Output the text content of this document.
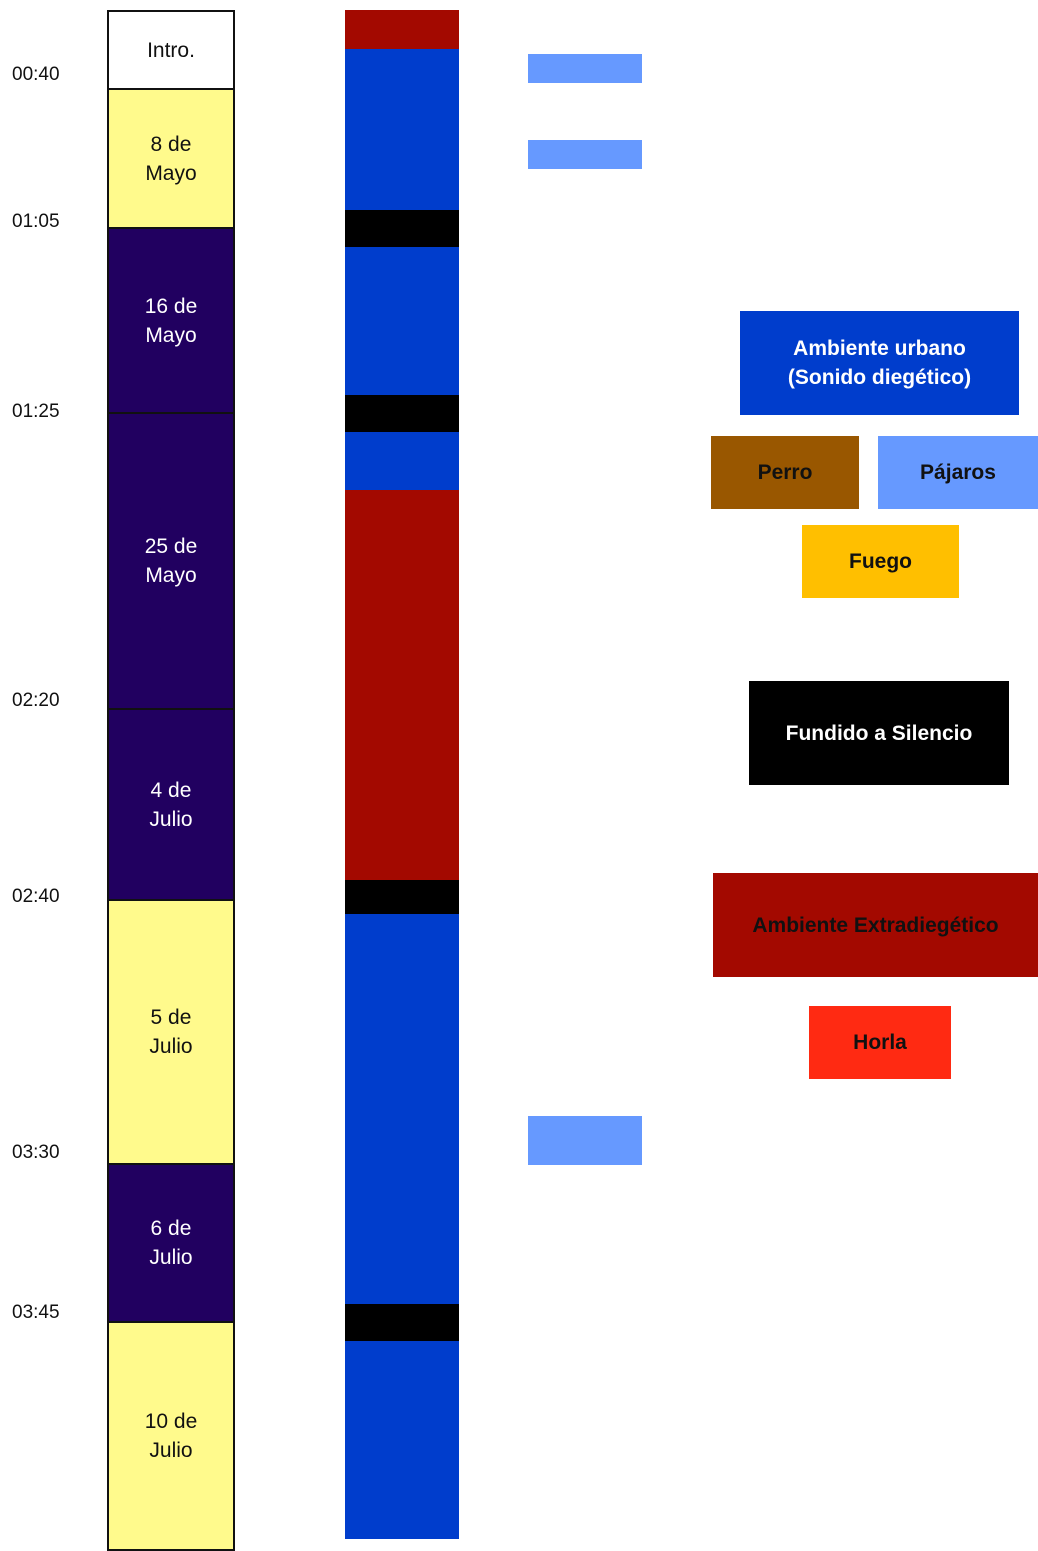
00:40
01:05
01:25
02:20
02:40
03:30
03:45
Intro.
8 de
Mayo
16 de
Mayo
25 de
Mayo
4 de
Julio
5 de
Julio
6 de
Julio
10 de
Julio
Ambiente urbano
(Sonido diegético)
Perro	Pájaros
Fuego
Fundido a Silencio
Ambiente Extradiegético
Horla
